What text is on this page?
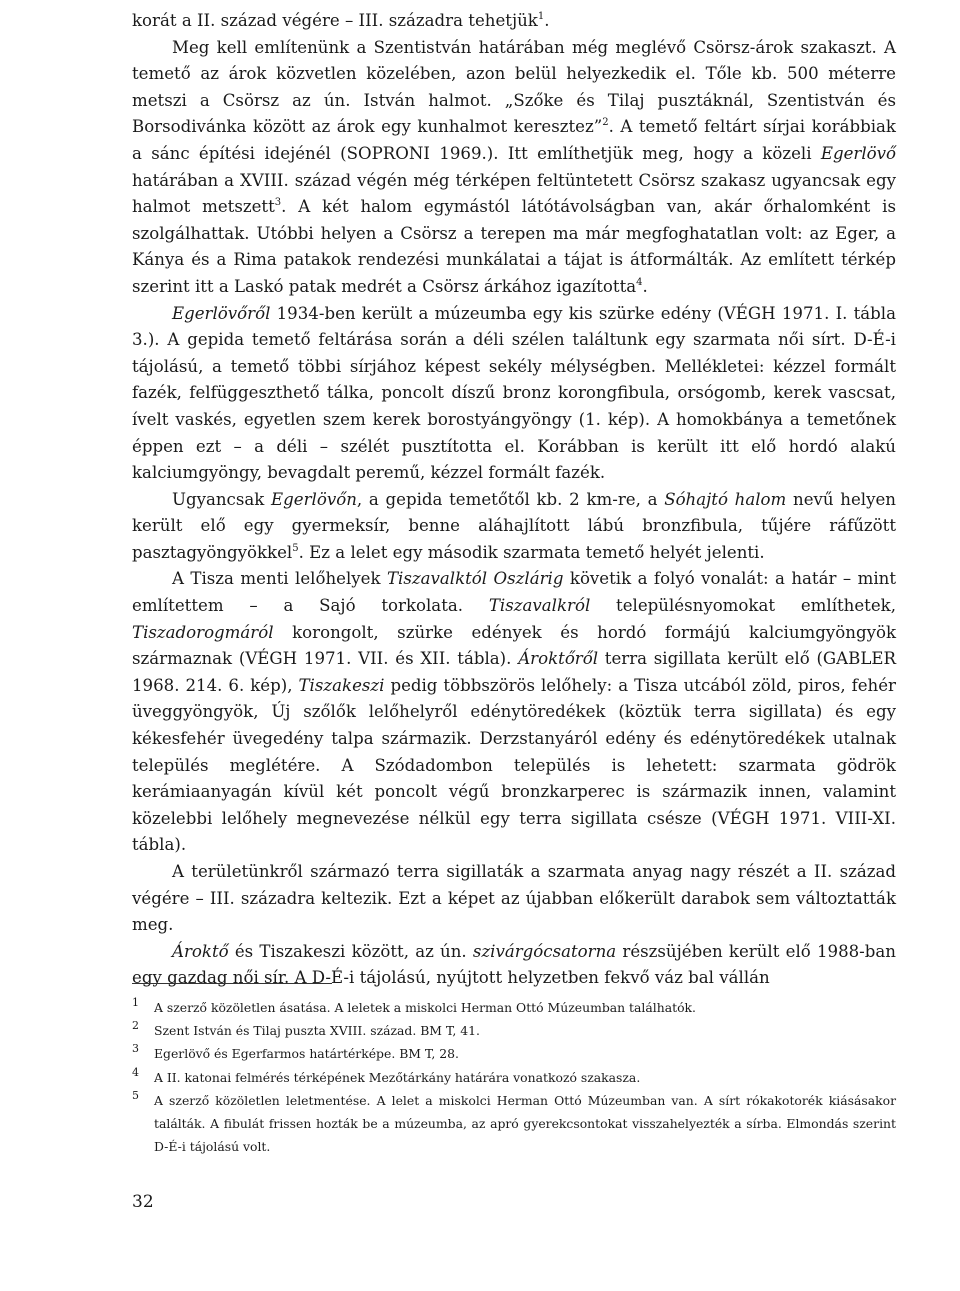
korát a II. század végére – III. századra tehetjük$^1$.

Meg kell említenünk a Szentistván határában még meglévő Csörsz-árok szakaszt. A temető az árok közvetlen közelében, azon belül helyezkedik el. Tőle kb. 500 méterre metszi a Csörsz az ún. István halmot. „Szőke és Tilaj pusztáknál, Szentistván és Borsodivánka között az árok egy kunhalmot keresztez”$^2$. A temető feltárt sírjai korábbiak a sánc építési idejénél (SOPRONI 1969.). Itt említhetjük meg, hogy a közeli Egerlövő határában a XVIII. század végén még térképen feltüntetett Csörsz szakasz ugyancsak egy halmot metszett$^3$. A két halom egymástól látótávolságban van, akár őrhalomként is szolgálhattak. Utóbbi helyen a Csörsz a terepen ma már megfoghatatlan volt: az Eger, a Kánya és a Rima patakok rendezési munkálatai a tájat is átformálták. Az említett térkép szerint itt a Laskó patak medrét a Csörsz árkához igazította$^4$.

Egerlövőről 1934-ben került a múzeumba egy kis szürke edény (VÉGH 1971. I. tábla 3.). A gepida temető feltárása során a déli szélen találtunk egy szarmata női sírt. D-É-i tájolású, a temető többi sírjához képest sekély mélységben. Mellékletei: kézzel formált fazék, felfüggeszthető tálka, poncolt díszű bronz korongfibula, orsógomb, kerek vascsat, ívelt vaskés, egyetlen szem kerek borostyángyöngy (1. kép). A homokbánya a temetőnek éppen ezt – a déli – szélét pusztította el. Korábban is került itt elő hordó alakú kalciumgyöngy, bevagdalt peremű, kézzel formált fazék.

Ugyancsak Egerlövőn, a gepida temetőtől kb. 2 km-re, a Sóhajtó halom nevű helyen került elő egy gyermeksír, benne aláhajlított lábú bronzfibula, tűjére ráfűzött pasztagyöngyökkel$^5$. Ez a lelet egy második szarmata temető helyét jelenti.

A Tisza menti lelőhelyek Tiszavalktól Oszlárig követik a folyó vonalát: a határ – mint említettem – a Sajó torkolata. Tiszavalkról településnyomokat említhetek, Tiszadorogmáról korongolt, szürke edények és hordó formájú kalciumgyöngyök származnak (VÉGH 1971. VII. és XII. tábla). Ároktőről terra sigillata került elő (GABLER 1968. 214. 6. kép), Tiszakeszi pedig többszörös lelőhely: a Tisza utcából zöld, piros, fehér üveggyöngyök, Új szőlők lelőhelyről edénytöredékek (köztük terra sigillata) és egy kékesfehér üvegedény talpa származik. Derzstanyáról edény és edénytöredékek utalnak település meglétére. A Szódadombon település is lehetett: szarmata gödrök kerámiaanyagán kívül két poncolt végű bronzkarperec is származik innen, valamint közelebbi lelőhely megnevezése nélkül egy terra sigillata csésze (VÉGH 1971. VIII-XI. tábla).

A területünkről származó terra sigillaták a szarmata anyag nagy részét a II. század végére – III. századra keltezik. Ezt a képet az újabban előkerült darabok sem változtatták meg.

Ároktő és Tiszakeszi között, az ún. szivárgócsatorna részsüjében került elő 1988-ban egy gazdag női sír. A D-É-i tájolású, nyújtott helyzetben fekvő váz bal vállán

1 A szerző közöletlen ásatása. A leletek a miskolci Herman Ottó Múzeumban találhatók.
2 Szent István és Tilaj puszta XVIII. század. BM T, 41.
3 Egerlövő és Egerfarmos határtérképe. BM T, 28.
4 A II. katonai felmérés térképének Mezőtárkány határára vonatkozó szakasza.
5 A szerző közöletlen leletmentése. A lelet a miskolci Herman Ottó Múzeumban van. A sírt rókakotorék kiásásakor találták. A fibulát frissen hozták be a múzeumba, az apró gyerekcsontokat visszahelyezték a sírba. Elmondás szerint D-É-i tájolású volt.
32
